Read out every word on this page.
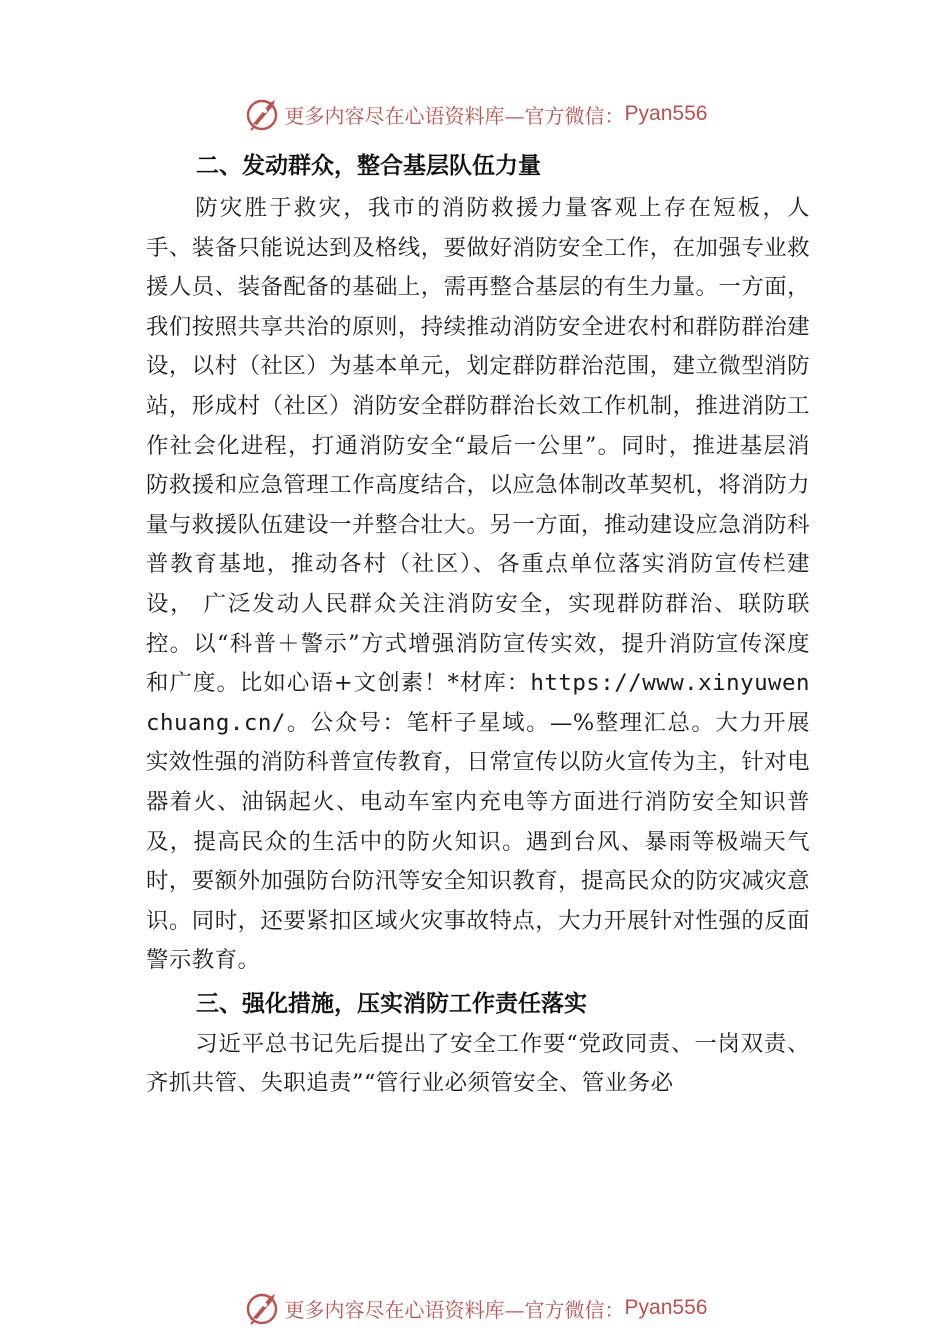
更多内容尽在心语资料库—官方微信： Pyan556
二、发动群众，整合基层队伍力量

防灾胜于救灾，我市的消防救援力量客观上存在短板，人手、装备只能说达到及格线，要做好消防安全工作，在加强专业救援人员、装备配备的基础上，需再整合基层的有生力量。一方面，我们按照共享共治的原则，持续推动消防安全进农村和群防群治建设，以村（社区）为基本单元，划定群防群治范围，建立微型消防站，形成村（社区）消防安全群防群治长效工作机制，推进消防工作社会化进程，打通消防安全“最后一公里”。同时，推进基层消防救援和应急管理工作高度结合，以应急体制改革契机，将消防力量与救援队伍建设一并整合壮大。另一方面，推动建设应急消防科普教育基地，推动各村（社区）、各重点单位落实消防宣传栏建设， 广泛发动人民群众关注消防安全，实现群防群治、联防联控。以“科普＋警示”方式增强消防宣传实效，提升消防宣传深度和广度。比如心语+文创素！*材库：https://www.xinyuwenchuang.cn/。公众号：笔杆子星域。—%整理汇总。大力开展实效性强的消防科普宣传教育，日常宣传以防火宣传为主，针对电器着火、油锅起火、电动车室内充电等方面进行消防安全知识普及，提高民众的生活中的防火知识。遇到台风、暴雨等极端天气时，要额外加强防台防汛等安全知识教育，提高民众的防灾减灾意识。同时，还要紧扣区域火灾事故特点，大力开展针对性强的反面警示教育。

三、强化措施，压实消防工作责任落实

习近平总书记先后提出了安全工作要“党政同责、一岗双责、齐抓共管、失职追责”“管行业必须管安全、管业务必

更多内容尽在心语资料库—官方微信： Pyan556
